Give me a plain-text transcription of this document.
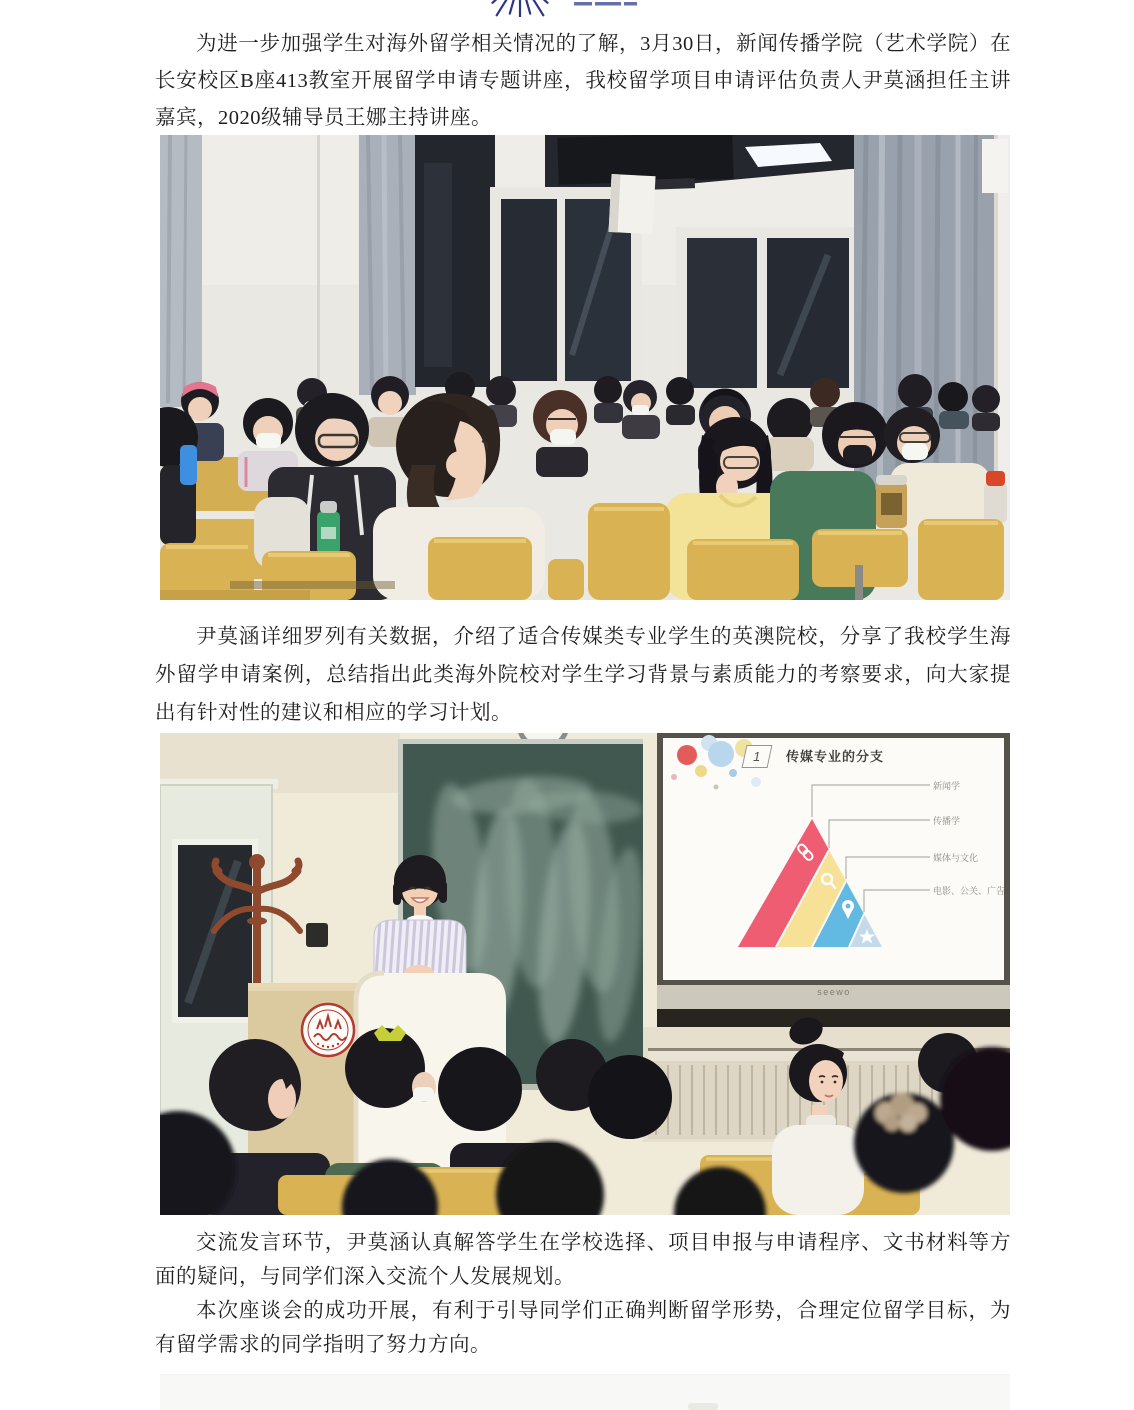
为进一步加强学生对海外留学相关情况的了解，3月30日，新闻传播学院（艺术学院）在长安校区B座413教室开展留学申请专题讲座，我校留学项目申请评估负责人尹莫涵担任主讲嘉宾，2020级辅导员王娜主持讲座。

尹莫涵详细罗列有关数据，介绍了适合传媒类专业学生的英澳院校，分享了我校学生海外留学申请案例，总结指出此类海外院校对学生学习背景与素质能力的考察要求，向大家提出有针对性的建议和相应的学习计划。

交流发言环节，尹莫涵认真解答学生在学校选择、项目申报与申请程序、文书材料等方面的疑问，与同学们深入交流个人发展规划。

本次座谈会的成功开展，有利于引导同学们正确判断留学形势，合理定位留学目标，为有留学需求的同学指明了努力方向。

1	传媒专业的分支
新闻学
传播学
媒体与文化
电影、公关、广告
seewo
